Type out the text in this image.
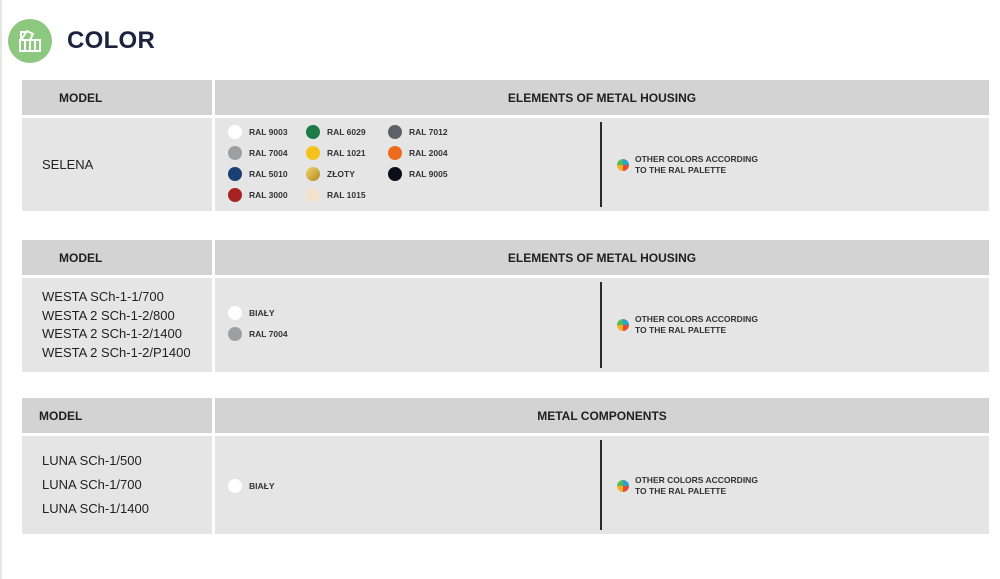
COLOR
MODEL	ELEMENTS OF METAL HOUSING
SELENA
RAL 9003	RAL 6029	RAL 7012
RAL 7004	RAL 1021	RAL 2004
RAL 5010	ZŁOTY	RAL 9005
RAL 3000	RAL 1015
OTHER COLORS ACCORDING
TO THE RAL PALETTE
MODEL	ELEMENTS OF METAL HOUSING
WESTA SCh-1-1/700
WESTA 2 SCh-1-2/800
WESTA 2 SCh-1-2/1400
WESTA 2 SCh-1-2/P1400
BIAŁY
RAL 7004
OTHER COLORS ACCORDING
TO THE RAL PALETTE
MODEL	METAL COMPONENTS
LUNA SCh-1/500
LUNA SCh-1/700
LUNA SCh-1/1400
BIAŁY
OTHER COLORS ACCORDING
TO THE RAL PALETTE
